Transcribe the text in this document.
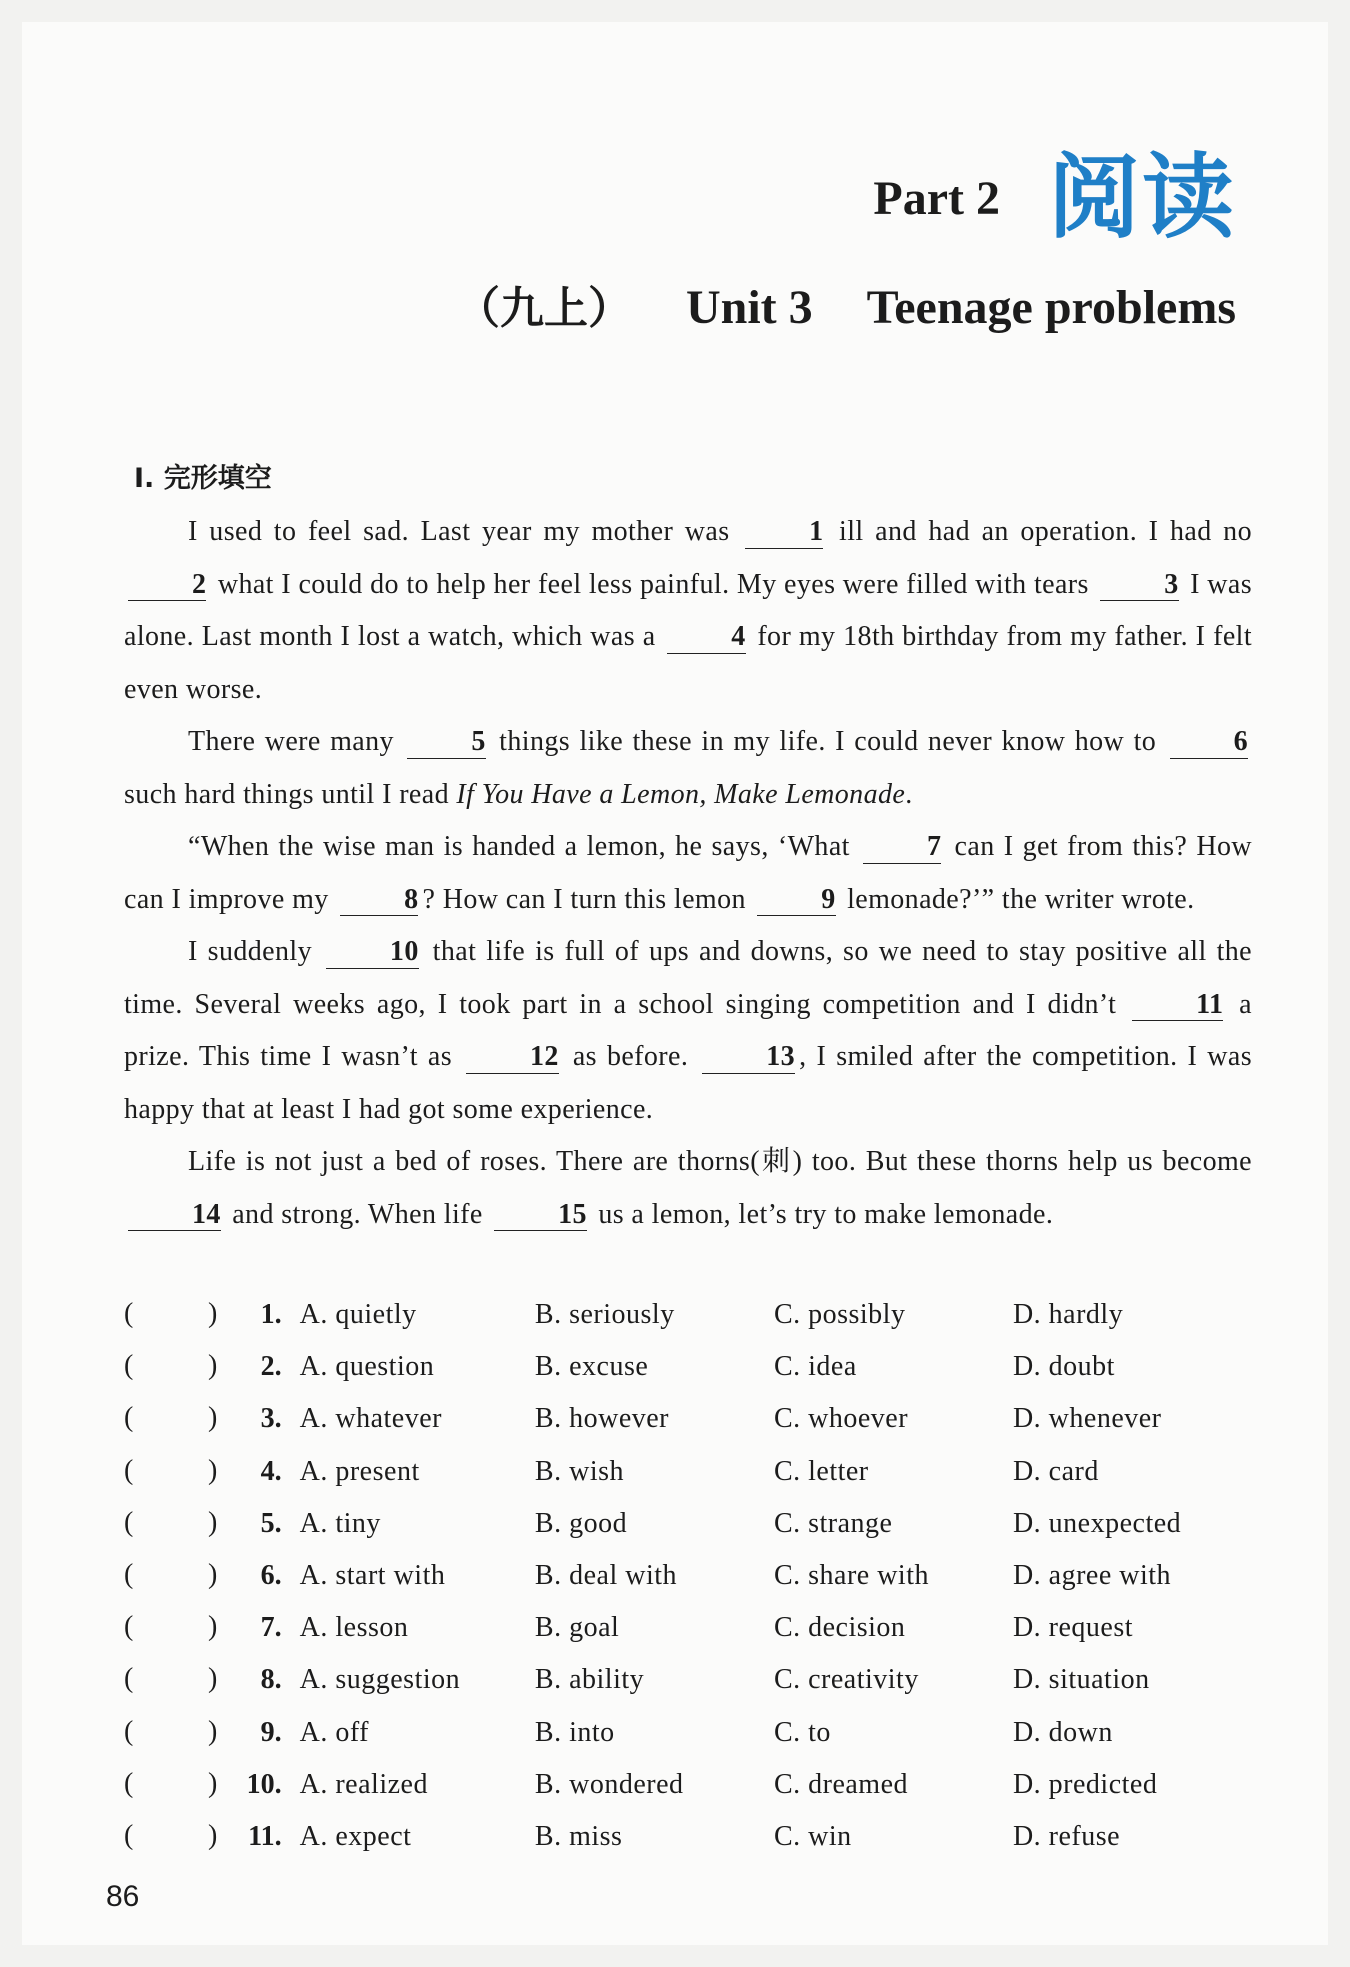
Part 2 阅读
（九上） Unit 3 Teenage problems
Ⅰ. 完形填空

I used to feel sad. Last year my mother was 1 ill and had an operation. I had no 2 what I could do to help her feel less painful. My eyes were filled with tears 3 I was alone. Last month I lost a watch, which was a 4 for my 18th birthday from my father. I felt even worse.

There were many 5 things like these in my life. I could never know how to 6 such hard things until I read If You Have a Lemon, Make Lemonade.

“When the wise man is handed a lemon, he says, ‘What 7 can I get from this? How can I improve my 8 ? How can I turn this lemon 9 lemonade?’” the writer wrote.

I suddenly 10 that life is full of ups and downs, so we need to stay positive all the time. Several weeks ago, I took part in a school singing competition and I didn’t 11 a prize. This time I wasn’t as 12 as before. 13 , I smiled after the competition. I was happy that at least I had got some experience.

Life is not just a bed of roses. There are thorns(刺) too. But these thorns help us become 14 and strong. When life 15 us a lemon, let’s try to make lemonade.

(	)	1. A. quietly	B. seriously	C. possibly	D. hardly
(	)	2. A. question	B. excuse	C. idea	D. doubt
(	)	3. A. whatever	B. however	C. whoever	D. whenever
(	)	4. A. present	B. wish	C. letter	D. card
(	)	5. A. tiny	B. good	C. strange	D. unexpected
(	)	6. A. start with	B. deal with	C. share with	D. agree with
(	)	7. A. lesson	B. goal	C. decision	D. request
(	)	8. A. suggestion	B. ability	C. creativity	D. situation
(	)	9. A. off	B. into	C. to	D. down
(	) 10. A. realized	B. wondered	C. dreamed	D. predicted
(	) 11. A. expect	B. miss	C. win	D. refuse
86
